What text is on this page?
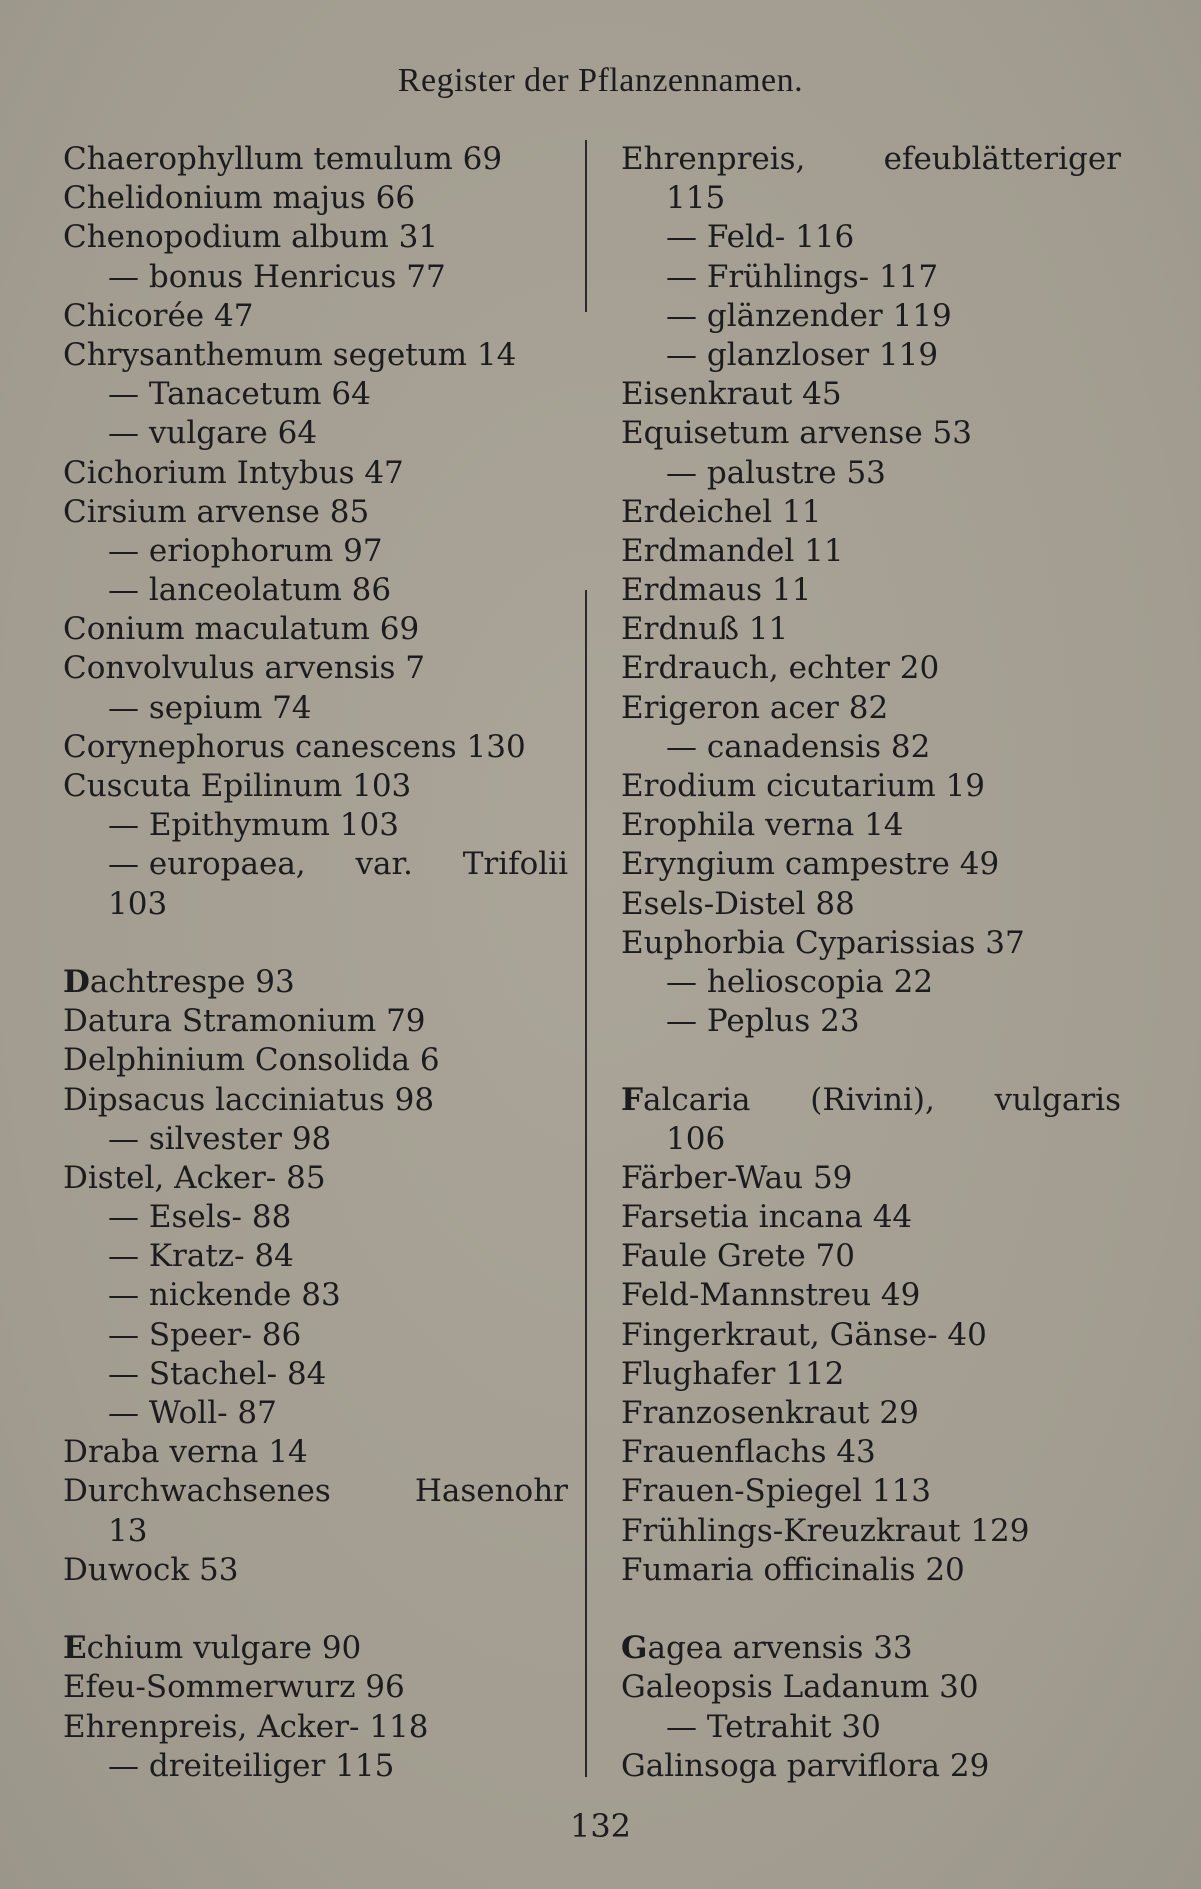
Register der Pflanzennamen.
Chaerophyllum temulum 69
Chelidonium majus 66
Chenopodium album 31
— bonus Henricus 77
Chicorée 47
Chrysanthemum segetum 14
— Tanacetum 64
— vulgare 64
Cichorium Intybus 47
Cirsium arvense 85
— eriophorum 97
— lanceolatum 86
Conium maculatum 69
Convolvulus arvensis 7
— sepium 74
Corynephorus canescens 130
Cuscuta Epilinum 103
— Epithymum 103
— europaea, var. Trifolii
103
Dachtrespe 93
Datura Stramonium 79
Delphinium Consolida 6
Dipsacus lacciniatus 98
— silvester 98
Distel, Acker- 85
— Esels- 88
— Kratz- 84
— nickende 83
— Speer- 86
— Stachel- 84
— Woll- 87
Draba verna 14
Durchwachsenes	Hasenohr
13
Duwock 53
Echium vulgare 90
Efeu-Sommerwurz 96
Ehrenpreis, Acker- 118
— dreiteiliger 115
Ehrenpreis,	efeublätteriger
115
— Feld- 116
— Frühlings- 117
— glänzender 119
— glanzloser 119
Eisenkraut 45
Equisetum arvense 53
— palustre 53
Erdeichel 11
Erdmandel 11
Erdmaus 11
Erdnuß 11
Erdrauch, echter 20
Erigeron acer 82
— canadensis 82
Erodium cicutarium 19
Erophila verna 14
Eryngium campestre 49
Esels-Distel 88
Euphorbia Cyparissias 37
— helioscopia 22
— Peplus 23
Falcaria (Rivini), vulgaris
106
Färber-Wau 59
Farsetia incana 44
Faule Grete 70
Feld-Mannstreu 49
Fingerkraut, Gänse- 40
Flughafer 112
Franzosenkraut 29
Frauenflachs 43
Frauen-Spiegel 113
Frühlings-Kreuzkraut 129
Fumaria officinalis 20
Gagea arvensis 33
Galeopsis Ladanum 30
— Tetrahit 30
Galinsoga parviflora 29
132
